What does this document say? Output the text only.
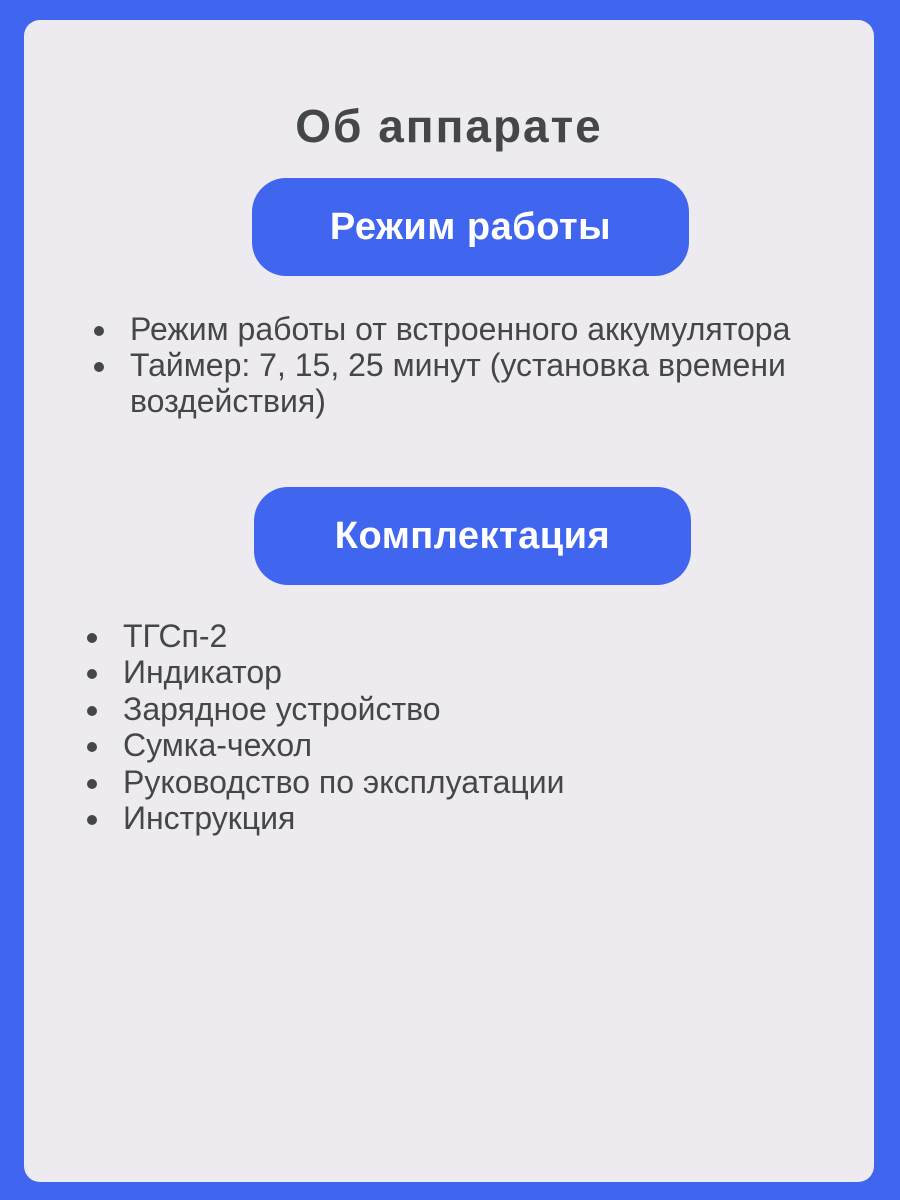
Об аппарате
Режим работы
Режим работы от встроенного аккумулятора
Таймер: 7, 15, 25 минут (установка времени воздействия)
Комплектация
ТГСп-2
Индикатор
Зарядное устройство
Сумка-чехол
Руководство по эксплуатации
Инструкция
